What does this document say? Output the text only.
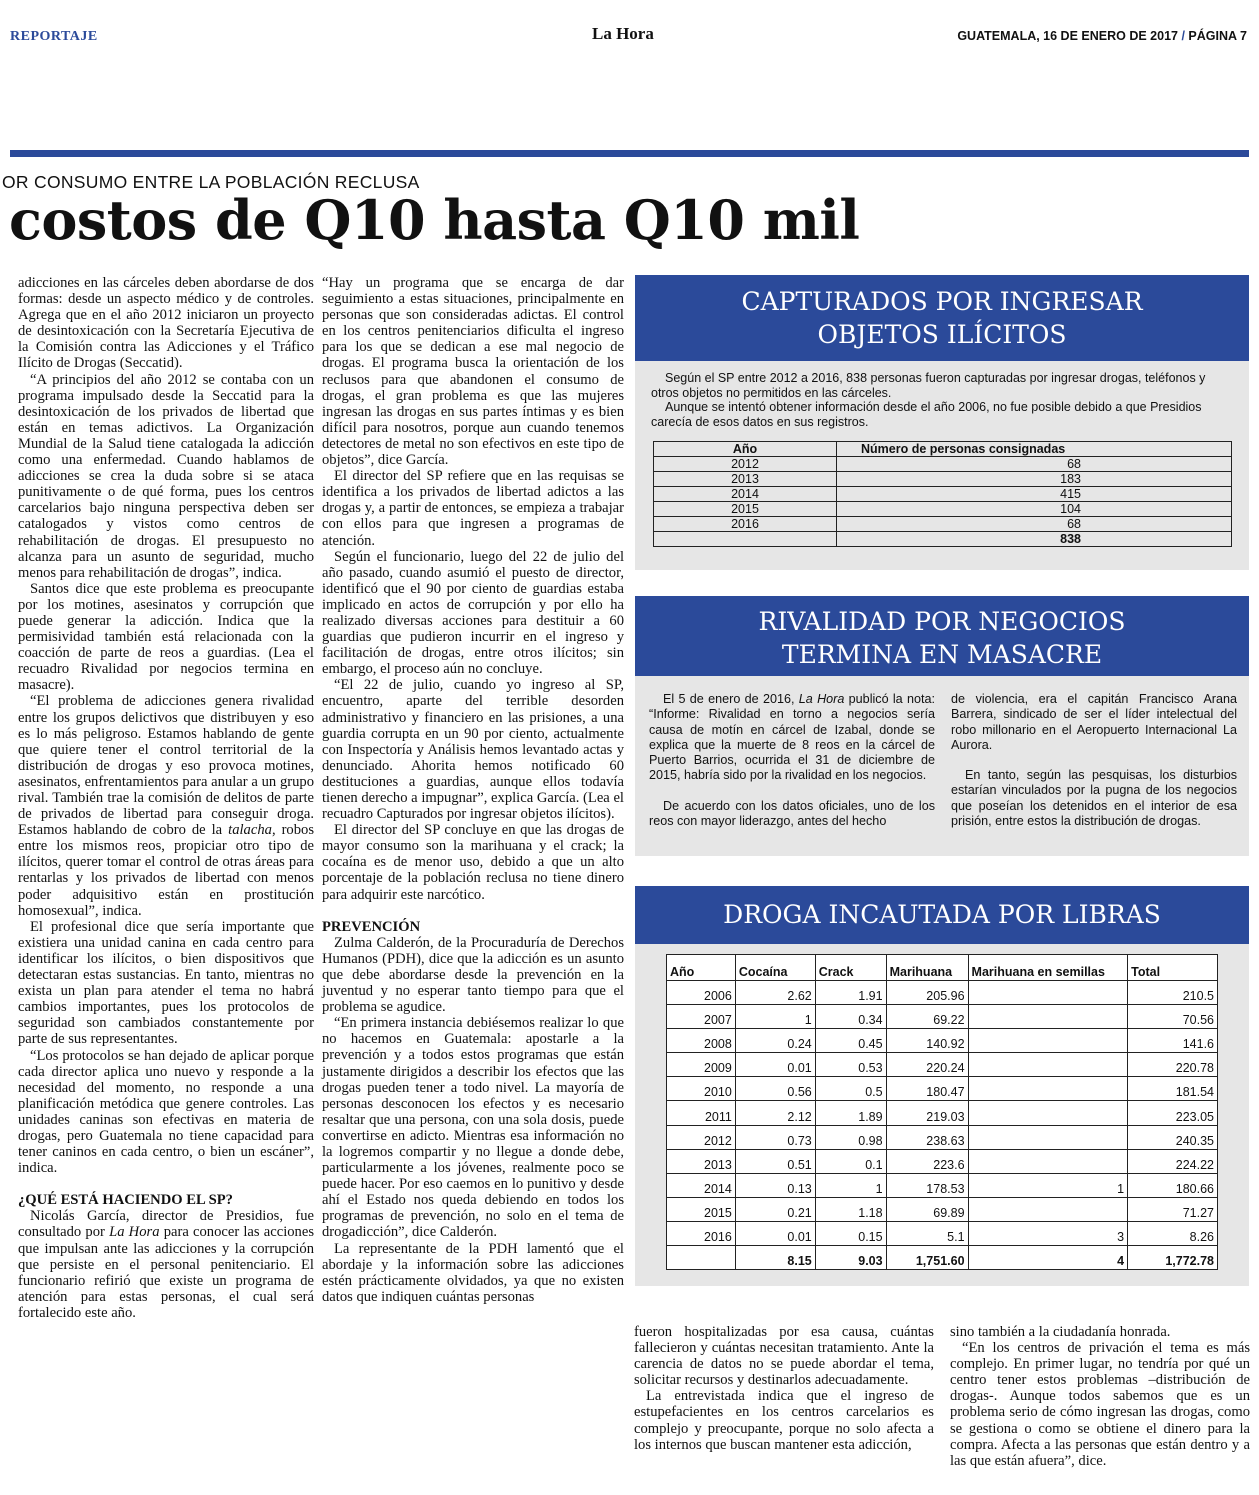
REPORTAJE	La Hora	GUATEMALA, 16 DE ENERO DE 2017 / PÁGINA 7
OR CONSUMO ENTRE LA POBLACIÓN RECLUSA
costos de Q10 hasta Q10 mil

adicciones en las cárceles deben abordarse de dos formas: desde un aspecto médico y de controles. Agrega que en el año 2012 iniciaron un proyecto de desintoxicación con la Secretaría Ejecutiva de la Comisión contra las Adicciones y el Tráfico Ilícito de Drogas (Seccatid).

“A principios del año 2012 se contaba con un programa impulsado desde la Seccatid para la desintoxicación de los privados de libertad que están en temas adictivos. La Organización Mundial de la Salud tiene catalogada la adicción como una enfermedad. Cuando hablamos de adicciones se crea la duda sobre si se ataca punitivamente o de qué forma, pues los centros carcelarios bajo ninguna perspectiva deben ser catalogados y vistos como centros de rehabilitación de drogas. El presupuesto no alcanza para un asunto de seguridad, mucho menos para rehabilitación de drogas”, indica.

Santos dice que este problema es preocupante por los motines, asesinatos y corrupción que puede generar la adicción. Indica que la permisividad también está relacionada con la coacción de parte de reos a guardias. (Lea el recuadro Rivalidad por negocios termina en masacre).

“El problema de adicciones genera rivalidad entre los grupos delictivos que distribuyen y eso es lo más peligroso. Estamos hablando de gente que quiere tener el control territorial de la distribución de drogas y eso provoca motines, asesinatos, enfrentamientos para anular a un grupo rival. También trae la comisión de delitos de parte de privados de libertad para conseguir droga. Estamos hablando de cobro de la talacha, robos entre los mismos reos, propiciar otro tipo de ilícitos, querer tomar el control de otras áreas para rentarlas y los privados de libertad con menos poder adquisitivo están en prostitución homosexual”, indica.

El profesional dice que sería importante que existiera una unidad canina en cada centro para identificar los ilícitos, o bien dispositivos que detectaran estas sustancias. En tanto, mientras no exista un plan para atender el tema no habrá cambios importantes, pues los protocolos de seguridad son cambiados constantemente por parte de sus representantes.

“Los protocolos se han dejado de aplicar porque cada director aplica uno nuevo y responde a la necesidad del momento, no responde a una planificación metódica que genere controles. Las unidades caninas son efectivas en materia de drogas, pero Guatemala no tiene capacidad para tener caninos en cada centro, o bien un escáner”, indica.

¿QUÉ ESTÁ HACIENDO EL SP?

Nicolás García, director de Presidios, fue consultado por La Hora para conocer las acciones que impulsan ante las adicciones y la corrupción que persiste en el personal penitenciario. El funcionario refirió que existe un programa de atención para estas personas, el cual será fortalecido este año.

“Hay un programa que se encarga de dar seguimiento a estas situaciones, principalmente en personas que son consideradas adictas. El control en los centros penitenciarios dificulta el ingreso para los que se dedican a ese mal negocio de drogas. El programa busca la orientación de los reclusos para que abandonen el consumo de drogas, el gran problema es que las mujeres ingresan las drogas en sus partes íntimas y es bien difícil para nosotros, porque aun cuando tenemos detectores de metal no son efectivos en este tipo de objetos”, dice García.

El director del SP refiere que en las requisas se identifica a los privados de libertad adictos a las drogas y, a partir de entonces, se empieza a trabajar con ellos para que ingresen a programas de atención.

Según el funcionario, luego del 22 de julio del año pasado, cuando asumió el puesto de director, identificó que el 90 por ciento de guardias estaba implicado en actos de corrupción y por ello ha realizado diversas acciones para destituir a 60 guardias que pudieron incurrir en el ingreso y facilitación de drogas, entre otros ilícitos; sin embargo, el proceso aún no concluye.

“El 22 de julio, cuando yo ingreso al SP, encuentro, aparte del terrible desorden administrativo y financiero en las prisiones, a una guardia corrupta en un 90 por ciento, actualmente con Inspectoría y Análisis hemos levantado actas y denunciado. Ahorita hemos notificado 60 destituciones a guardias, aunque ellos todavía tienen derecho a impugnar”, explica García. (Lea el recuadro Capturados por ingresar objetos ilícitos).

El director del SP concluye en que las drogas de mayor consumo son la marihuana y el crack; la cocaína es de menor uso, debido a que un alto porcentaje de la población reclusa no tiene dinero para adquirir este narcótico.

PREVENCIÓN

Zulma Calderón, de la Procuraduría de Derechos Humanos (PDH), dice que la adicción es un asunto que debe abordarse desde la prevención en la juventud y no esperar tanto tiempo para que el problema se agudice.

“En primera instancia debiésemos realizar lo que no hacemos en Guatemala: apostarle a la prevención y a todos estos programas que están justamente dirigidos a describir los efectos que las drogas pueden tener a todo nivel. La mayoría de personas desconocen los efectos y es necesario resaltar que una persona, con una sola dosis, puede convertirse en adicto. Mientras esa información no la logremos compartir y no llegue a donde debe, particularmente a los jóvenes, realmente poco se puede hacer. Por eso caemos en lo punitivo y desde ahí el Estado nos queda debiendo en todos los programas de prevención, no solo en el tema de drogadicción”, dice Calderón.

La representante de la PDH lamentó que el abordaje y la información sobre las adicciones estén prácticamente olvidados, ya que no existen datos que indiquen cuántas personas

CAPTURADOS POR INGRESAR
OBJETOS ILÍCITOS

Según el SP entre 2012 a 2016, 838 personas fueron capturadas por ingresar drogas, teléfonos y otros objetos no permitidos en las cárceles.

Aunque se intentó obtener información desde el año 2006, no fue posible debido a que Presidios carecía de esos datos en sus registros.

Año	Número de personas consignadas
2012	68
2013	183
2014	415
2015	104
2016	68
	838
RIVALIDAD POR NEGOCIOS
TERMINA EN MASACRE

El 5 de enero de 2016, La Hora publicó la nota: “Informe: Rivalidad en torno a negocios sería causa de motín en cárcel de Izabal, donde se explica que la muerte de 8 reos en la cárcel de Puerto Barrios, ocurrida el 31 de diciembre de 2015, habría sido por la rivalidad en los negocios.

De acuerdo con los datos oficiales, uno de los reos con mayor liderazgo, antes del hecho

de violencia, era el capitán Francisco Arana Barrera, sindicado de ser el líder intelectual del robo millonario en el Aeropuerto Internacional La Aurora.

En tanto, según las pesquisas, los disturbios estarían vinculados por la pugna de los negocios que poseían los detenidos en el interior de esa prisión, entre estos la distribución de drogas.

DROGA INCAUTADA POR LIBRAS
Año	Cocaína	Crack	Marihuana	Marihuana en semillas	Total
2006	2.62	1.91	205.96		210.5
2007	1	0.34	69.22		70.56
2008	0.24	0.45	140.92		141.6
2009	0.01	0.53	220.24		220.78
2010	0.56	0.5	180.47		181.54
2011	2.12	1.89	219.03		223.05
2012	0.73	0.98	238.63		240.35
2013	0.51	0.1	223.6		224.22
2014	0.13	1	178.53	1	180.66
2015	0.21	1.18	69.89		71.27
2016	0.01	0.15	5.1	3	8.26
	8.15	9.03	1,751.60	4	1,772.78

fueron hospitalizadas por esa causa, cuántas fallecieron y cuántas necesitan tratamiento. Ante la carencia de datos no se puede abordar el tema, solicitar recursos y destinarlos adecuadamente.

La entrevistada indica que el ingreso de estupefacientes en los centros carcelarios es complejo y preocupante, porque no solo afecta a los internos que buscan mantener esta adicción,

sino también a la ciudadanía honrada.

“En los centros de privación el tema es más complejo. En primer lugar, no tendría por qué un centro tener estos problemas –distribución de drogas-. Aunque todos sabemos que es un problema serio de cómo ingresan las drogas, como se gestiona o como se obtiene el dinero para la compra. Afecta a las personas que están dentro y a las que están afuera”, dice.
